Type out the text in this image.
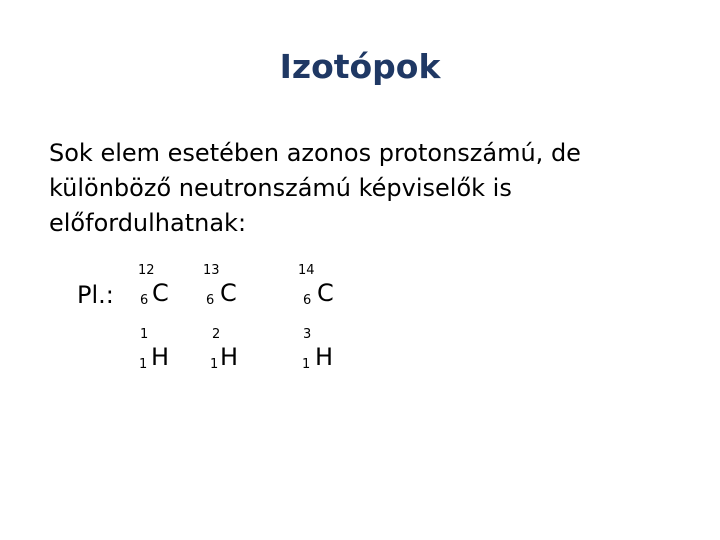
Izotópok
Sok elem esetében azonos protonszámú, de
különböző neutronszámú képviselők is
előfordulhatnak:
Pl.:
12
6 C
13
6 C
14
6 C
1
1 H
2
1 H
3
1 H
